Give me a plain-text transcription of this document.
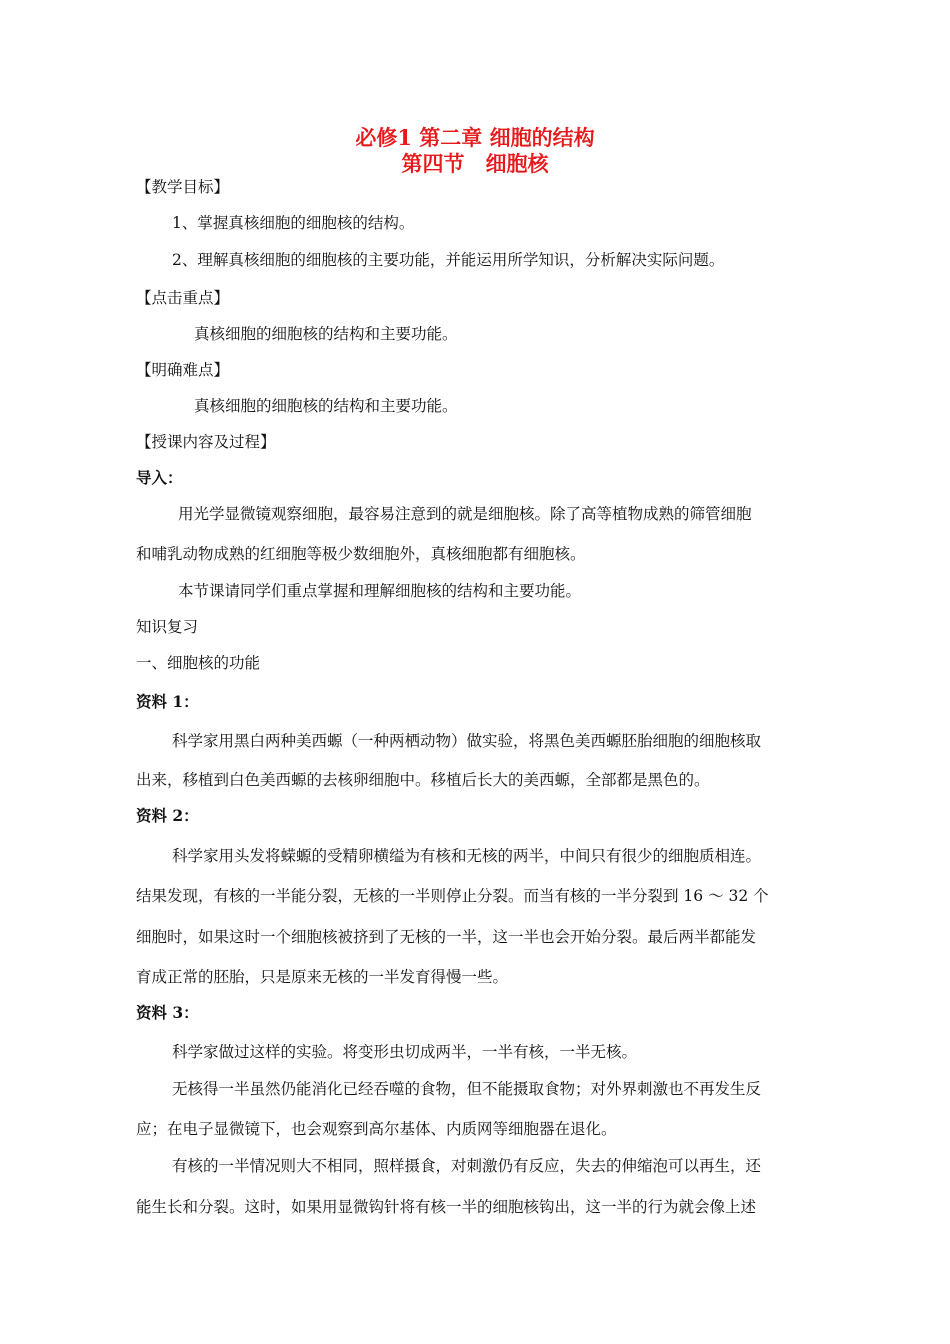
必修1 第二章 细胞的结构
第四节　细胞核
【教学目标】
1、掌握真核细胞的细胞核的结构。
2、理解真核细胞的细胞核的主要功能，并能运用所学知识，分析解决实际问题。
【点击重点】
真核细胞的细胞核的结构和主要功能。
【明确难点】
真核细胞的细胞核的结构和主要功能。
【授课内容及过程】
导入：
用光学显微镜观察细胞，最容易注意到的就是细胞核。除了高等植物成熟的筛管细胞
和哺乳动物成熟的红细胞等极少数细胞外，真核细胞都有细胞核。
本节课请同学们重点掌握和理解细胞核的结构和主要功能。
知识复习
一、细胞核的功能
资料 1：
科学家用黑白两种美西螈（一种两栖动物）做实验，将黑色美西螈胚胎细胞的细胞核取
出来，移植到白色美西螈的去核卵细胞中。移植后长大的美西螈，全部都是黑色的。
资料 2：
科学家用头发将蝾螈的受精卵横缢为有核和无核的两半，中间只有很少的细胞质相连。
结果发现，有核的一半能分裂，无核的一半则停止分裂。而当有核的一半分裂到 16 ～ 32 个
细胞时，如果这时一个细胞核被挤到了无核的一半，这一半也会开始分裂。最后两半都能发
育成正常的胚胎，只是原来无核的一半发育得慢一些。
资料 3：
科学家做过这样的实验。将变形虫切成两半，一半有核，一半无核。
无核得一半虽然仍能消化已经吞噬的食物，但不能摄取食物；对外界刺激也不再发生反
应；在电子显微镜下，也会观察到高尔基体、内质网等细胞器在退化。
有核的一半情况则大不相同，照样摄食，对刺激仍有反应，失去的伸缩泡可以再生，还
能生长和分裂。这时，如果用显微钩针将有核一半的细胞核钩出，这一半的行为就会像上述
